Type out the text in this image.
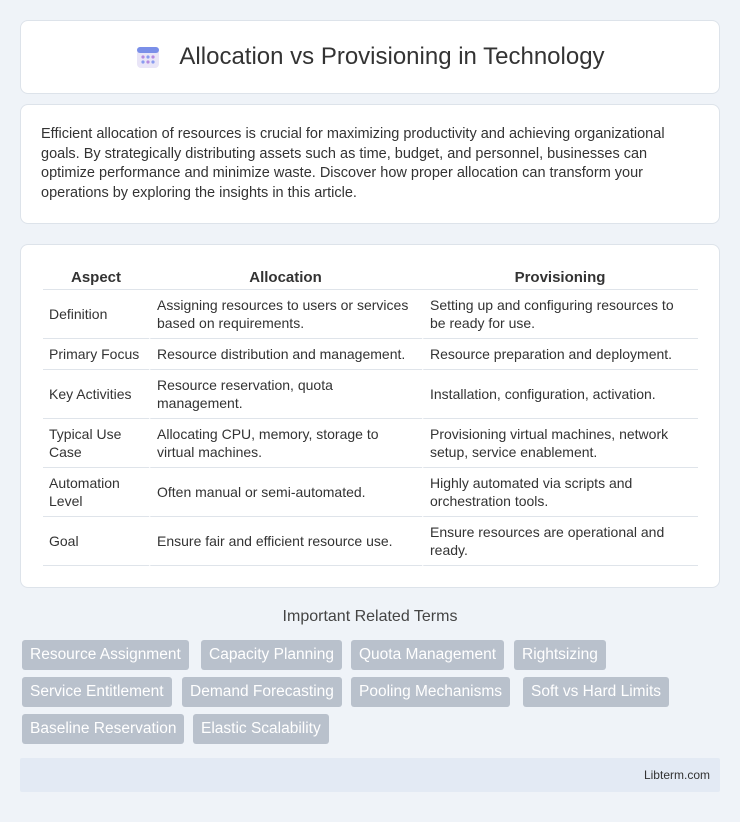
Allocation vs Provisioning in Technology

Efficient allocation of resources is crucial for maximizing productivity and achieving organizational goals. By strategically distributing assets such as time, budget, and personnel, businesses can optimize performance and minimize waste. Discover how proper allocation can transform your operations by exploring the insights in this article.

Aspect	Allocation	Provisioning
Definition	Assigning resources to users or services based on requirements.	Setting up and configuring resources to be ready for use.
Primary Focus	Resource distribution and management.	Resource preparation and deployment.
Key Activities	Resource reservation, quota management.	Installation, configuration, activation.
Typical Use Case	Allocating CPU, memory, storage to virtual machines.	Provisioning virtual machines, network setup, service enablement.
Automation Level	Often manual or semi-automated.	Highly automated via scripts and orchestration tools.
Goal	Ensure fair and efficient resource use.	Ensure resources are operational and ready.
Important Related Terms
Resource Assignment	Capacity Planning	Quota Management	Rightsizing
Service Entitlement	Demand Forecasting	Pooling Mechanisms	Soft vs Hard Limits
Baseline Reservation	Elastic Scalability
Libterm.com
